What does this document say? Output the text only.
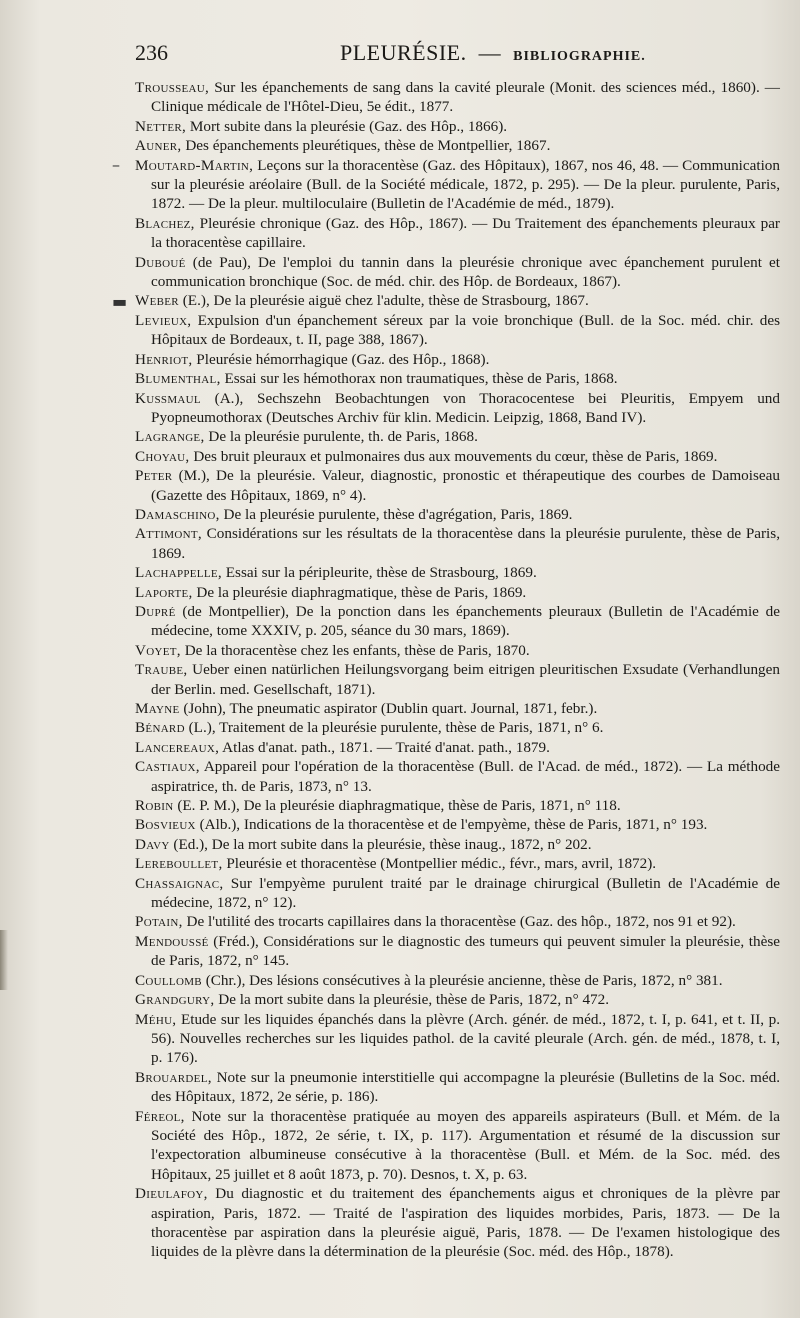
236	PLEURÉSIE. — BIBLIOGRAPHIE.
–
▬

Trousseau, Sur les épanchements de sang dans la cavité pleurale (Monit. des sciences méd., 1860). — Clinique médicale de l'Hôtel-Dieu, 5e édit., 1877.

Netter, Mort subite dans la pleurésie (Gaz. des Hôp., 1866).

Auner, Des épanchements pleurétiques, thèse de Montpellier, 1867.

Moutard-Martin, Leçons sur la thoracentèse (Gaz. des Hôpitaux), 1867, nos 46, 48. — Communication sur la pleurésie aréolaire (Bull. de la Société médicale, 1872, p. 295). — De la pleur. purulente, Paris, 1872. — De la pleur. multiloculaire (Bulletin de l'Académie de méd., 1879).

Blachez, Pleurésie chronique (Gaz. des Hôp., 1867). — Du Traitement des épanchements pleuraux par la thoracentèse capillaire.

Duboué (de Pau), De l'emploi du tannin dans la pleurésie chronique avec épanchement purulent et communication bronchique (Soc. de méd. chir. des Hôp. de Bordeaux, 1867).

Weber (E.), De la pleurésie aiguë chez l'adulte, thèse de Strasbourg, 1867.

Levieux, Expulsion d'un épanchement séreux par la voie bronchique (Bull. de la Soc. méd. chir. des Hôpitaux de Bordeaux, t. II, page 388, 1867).

Henriot, Pleurésie hémorrhagique (Gaz. des Hôp., 1868).

Blumenthal, Essai sur les hémothorax non traumatiques, thèse de Paris, 1868.

Kussmaul (A.), Sechszehn Beobachtungen von Thoracocentese bei Pleuritis, Empyem und Pyopneumothorax (Deutsches Archiv für klin. Medicin. Leipzig, 1868, Band IV).

Lagrange, De la pleurésie purulente, th. de Paris, 1868.

Choyau, Des bruit pleuraux et pulmonaires dus aux mouvements du cœur, thèse de Paris, 1869.

Peter (M.), De la pleurésie. Valeur, diagnostic, pronostic et thérapeutique des courbes de Damoiseau (Gazette des Hôpitaux, 1869, n° 4).

Damaschino, De la pleurésie purulente, thèse d'agrégation, Paris, 1869.

Attimont, Considérations sur les résultats de la thoracentèse dans la pleurésie purulente, thèse de Paris, 1869.

Lachappelle, Essai sur la péripleurite, thèse de Strasbourg, 1869.

Laporte, De la pleurésie diaphragmatique, thèse de Paris, 1869.

Dupré (de Montpellier), De la ponction dans les épanchements pleuraux (Bulletin de l'Académie de médecine, tome XXXIV, p. 205, séance du 30 mars, 1869).

Voyet, De la thoracentèse chez les enfants, thèse de Paris, 1870.

Traube, Ueber einen natürlichen Heilungsvorgang beim eitrigen pleuritischen Exsudate (Verhandlungen der Berlin. med. Gesellschaft, 1871).

Mayne (John), The pneumatic aspirator (Dublin quart. Journal, 1871, febr.).

Bénard (L.), Traitement de la pleurésie purulente, thèse de Paris, 1871, n° 6.

Lancereaux, Atlas d'anat. path., 1871. — Traité d'anat. path., 1879.

Castiaux, Appareil pour l'opération de la thoracentèse (Bull. de l'Acad. de méd., 1872). — La méthode aspiratrice, th. de Paris, 1873, n° 13.

Robin (E. P. M.), De la pleurésie diaphragmatique, thèse de Paris, 1871, n° 118.

Bosvieux (Alb.), Indications de la thoracentèse et de l'empyème, thèse de Paris, 1871, n° 193.

Davy (Ed.), De la mort subite dans la pleurésie, thèse inaug., 1872, n° 202.

Lereboullet, Pleurésie et thoracentèse (Montpellier médic., févr., mars, avril, 1872).

Chassaignac, Sur l'empyème purulent traité par le drainage chirurgical (Bulletin de l'Académie de médecine, 1872, n° 12).

Potain, De l'utilité des trocarts capillaires dans la thoracentèse (Gaz. des hôp., 1872, nos 91 et 92).

Mendoussé (Fréd.), Considérations sur le diagnostic des tumeurs qui peuvent simuler la pleurésie, thèse de Paris, 1872, n° 145.

Coullomb (Chr.), Des lésions consécutives à la pleurésie ancienne, thèse de Paris, 1872, n° 381.

Grandgury, De la mort subite dans la pleurésie, thèse de Paris, 1872, n° 472.

Méhu, Etude sur les liquides épanchés dans la plèvre (Arch. génér. de méd., 1872, t. I, p. 641, et t. II, p. 56). Nouvelles recherches sur les liquides pathol. de la cavité pleurale (Arch. gén. de méd., 1878, t. I, p. 176).

Brouardel, Note sur la pneumonie interstitielle qui accompagne la pleurésie (Bulletins de la Soc. méd. des Hôpitaux, 1872, 2e série, p. 186).

Féreol, Note sur la thoracentèse pratiquée au moyen des appareils aspirateurs (Bull. et Mém. de la Société des Hôp., 1872, 2e série, t. IX, p. 117). Argumentation et résumé de la discussion sur l'expectoration albumineuse consécutive à la thoracentèse (Bull. et Mém. de la Soc. méd. des Hôpitaux, 25 juillet et 8 août 1873, p. 70). Desnos, t. X, p. 63.

Dieulafoy, Du diagnostic et du traitement des épanchements aigus et chroniques de la plèvre par aspiration, Paris, 1872. — Traité de l'aspiration des liquides morbides, Paris, 1873. — De la thoracentèse par aspiration dans la pleurésie aiguë, Paris, 1878. — De l'examen histologique des liquides de la plèvre dans la détermination de la pleurésie (Soc. méd. des Hôp., 1878).
